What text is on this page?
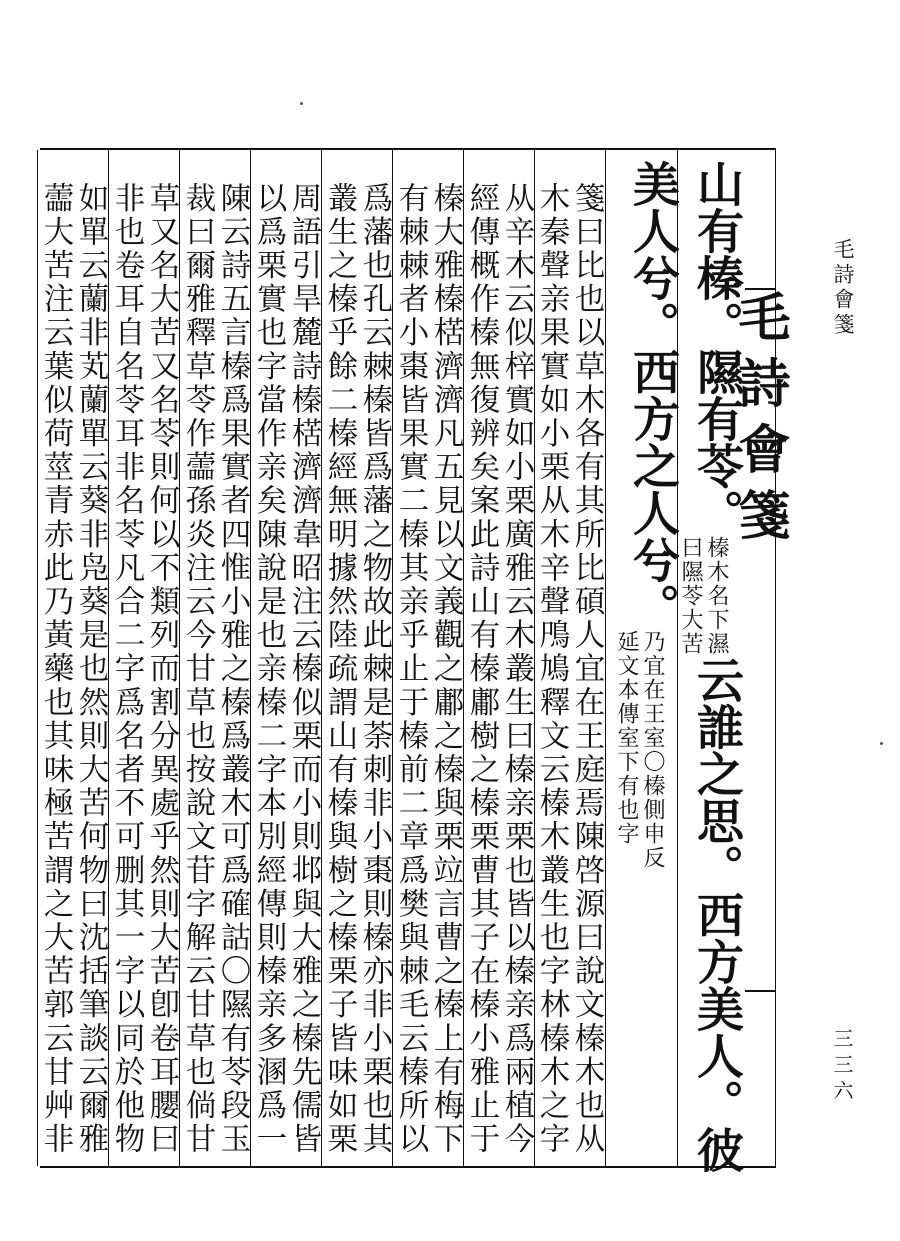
毛詩會箋
三三六
毛詩會箋
山有榛。隰有苓。
榛木名下濕
曰隰苓大苦
云誰之思。西方美人。彼
美人兮。西方之人兮。
乃宜在王室〇榛側申反
延文本傳室下有也字
箋曰比也以草木各有其所比碩人宜在王庭焉陳啓源曰說文榛木也从
木秦聲亲果實如小栗从木辛聲鳲鳩釋文云榛木叢生也字林榛木之字
从辛木云似梓實如小栗廣雅云木叢生曰榛亲栗也皆以榛亲爲兩植今
經傳概作榛無復辨矣案此詩山有榛鄘樹之榛栗曹其子在榛小雅止于
榛大雅榛楛濟濟凡五見以文義觀之鄘之榛與栗竝言曹之榛上有梅下
有棘棘者小棗皆果實二榛其亲乎止于榛前二章爲樊與棘毛云榛所以
爲藩也孔云棘榛皆爲藩之物故此棘是荼刺非小棗則榛亦非小栗也其
叢生之榛乎餘二榛經無明據然陸疏謂山有榛與樹之榛栗子皆味如栗
周語引旱麓詩榛楛濟濟韋昭注云榛似栗而小則邶與大雅之榛先儒皆
以爲栗實也字當作亲矣陳說是也亲榛二字本別經傳則榛亲多溷爲一
陳云詩五言榛爲果實者四惟小雅之榛爲叢木可爲確詁〇隰有苓段玉
裁曰爾雅釋草苓作蘦孫炎注云今甘草也按說文苷字解云甘草也倘甘
草又名大苦又名苓則何以不類列而割分異處乎然則大苦卽卷耳䑍曰
非也卷耳自名苓耳非名苓凡合二字爲名者不可删其一字以同於他物
如單云蘭非芄蘭單云葵非凫葵是也然則大苦何物曰沈括筆談云爾雅
蘦大苦注云葉似荷莖青赤此乃黃藥也其味極苦謂之大苦郭云甘艸非
